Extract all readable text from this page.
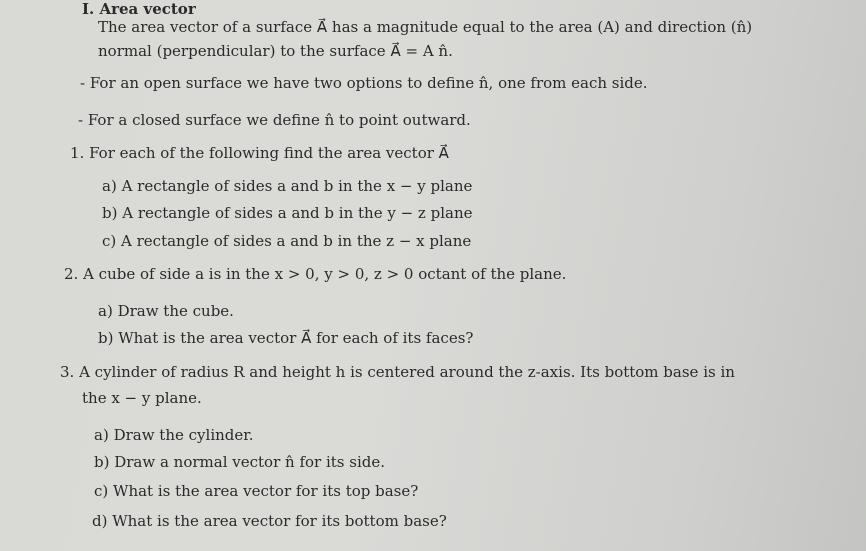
I. Area vector
The area vector of a surface A⃗ has a magnitude equal to the area (A) and direction (n̂)
normal (perpendicular) to the surface A⃗ = A n̂.
- For an open surface we have two options to define n̂, one from each side.
- For a closed surface we define n̂ to point outward.
1. For each of the following find the area vector A⃗
a) A rectangle of sides a and b in the x − y plane
b) A rectangle of sides a and b in the y − z plane
c) A rectangle of sides a and b in the z − x plane
2. A cube of side a is in the x > 0, y > 0, z > 0 octant of the plane.
a) Draw the cube.
b) What is the area vector A⃗ for each of its faces?
3. A cylinder of radius R and height h is centered around the z-axis. Its bottom base is in
the x − y plane.
a) Draw the cylinder.
b) Draw a normal vector n̂ for its side.
c) What is the area vector for its top base?
d) What is the area vector for its bottom base?
